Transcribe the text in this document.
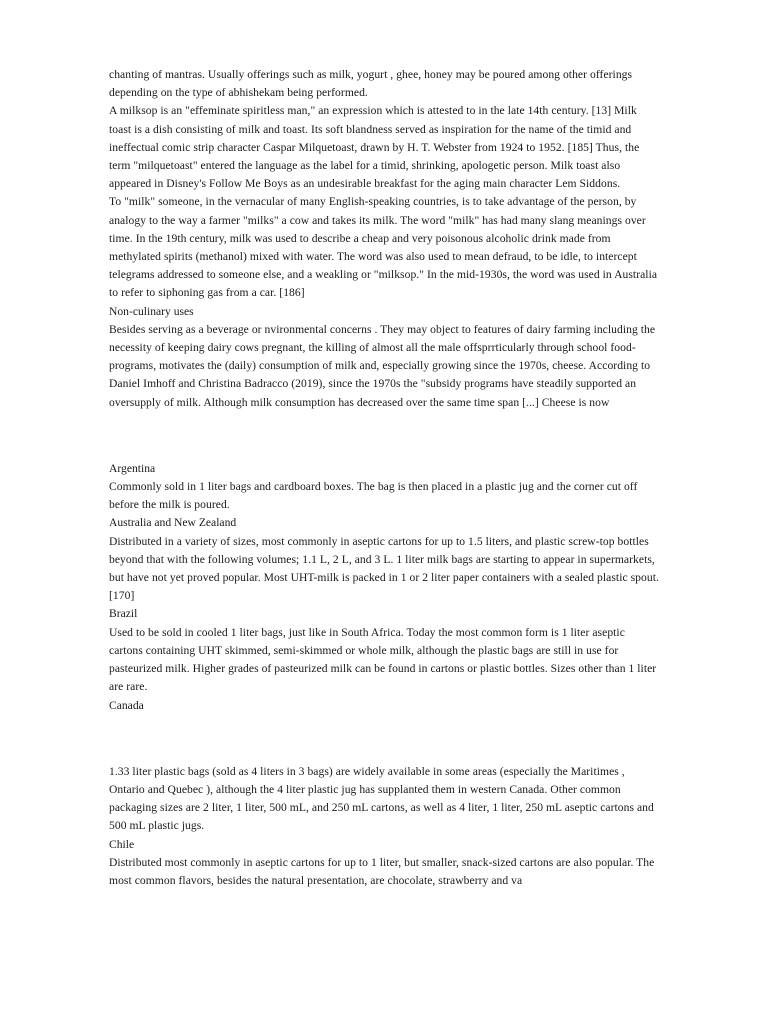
chanting of mantras. Usually offerings such as milk, yogurt , ghee, honey may be poured among other offerings depending on the type of abhishekam being performed.

A milksop is an "effeminate spiritless man," an expression which is attested to in the late 14th century. [13] Milk toast is a dish consisting of milk and toast. Its soft blandness served as inspiration for the name of the timid and ineffectual comic strip character Caspar Milquetoast, drawn by H. T. Webster from 1924 to 1952. [185] Thus, the term "milquetoast" entered the language as the label for a timid, shrinking, apologetic person. Milk toast also appeared in Disney's Follow Me Boys as an undesirable breakfast for the aging main character Lem Siddons.

To "milk" someone, in the vernacular of many English-speaking countries, is to take advantage of the person, by analogy to the way a farmer "milks" a cow and takes its milk. The word "milk" has had many slang meanings over time. In the 19th century, milk was used to describe a cheap and very poisonous alcoholic drink made from methylated spirits (methanol) mixed with water. The word was also used to mean defraud, to be idle, to intercept telegrams addressed to someone else, and a weakling or "milksop." In the mid-1930s, the word was used in Australia to refer to siphoning gas from a car. [186]

Non-culinary uses

Besides serving as a beverage or nvironmental concerns . They may object to features of dairy farming including the necessity of keeping dairy cows pregnant, the killing of almost all the male offsprrticularly through school food-programs, motivates the (daily) consumption of milk and, especially growing since the 1970s, cheese. According to Daniel Imhoff and Christina Badracco (2019), since the 1970s the "subsidy programs have steadily supported an oversupply of milk. Although milk consumption has decreased over the same time span [...] Cheese is now

Argentina

Commonly sold in 1 liter bags and cardboard boxes. The bag is then placed in a plastic jug and the corner cut off before the milk is poured.

Australia and New Zealand

Distributed in a variety of sizes, most commonly in aseptic cartons for up to 1.5 liters, and plastic screw-top bottles beyond that with the following volumes; 1.1 L, 2 L, and 3 L. 1 liter milk bags are starting to appear in supermarkets, but have not yet proved popular. Most UHT-milk is packed in 1 or 2 liter paper containers with a sealed plastic spout.[170]

Brazil

Used to be sold in cooled 1 liter bags, just like in South Africa. Today the most common form is 1 liter aseptic cartons containing UHT skimmed, semi-skimmed or whole milk, although the plastic bags are still in use for pasteurized milk. Higher grades of pasteurized milk can be found in cartons or plastic bottles. Sizes other than 1 liter are rare.

Canada

1.33 liter plastic bags (sold as 4 liters in 3 bags) are widely available in some areas (especially the Maritimes , Ontario and Quebec ), although the 4 liter plastic jug has supplanted them in western Canada. Other common packaging sizes are 2 liter, 1 liter, 500 mL, and 250 mL cartons, as well as 4 liter, 1 liter, 250 mL aseptic cartons and 500 mL plastic jugs.

Chile

Distributed most commonly in aseptic cartons for up to 1 liter, but smaller, snack-sized cartons are also popular. The most common flavors, besides the natural presentation, are chocolate, strawberry and va
